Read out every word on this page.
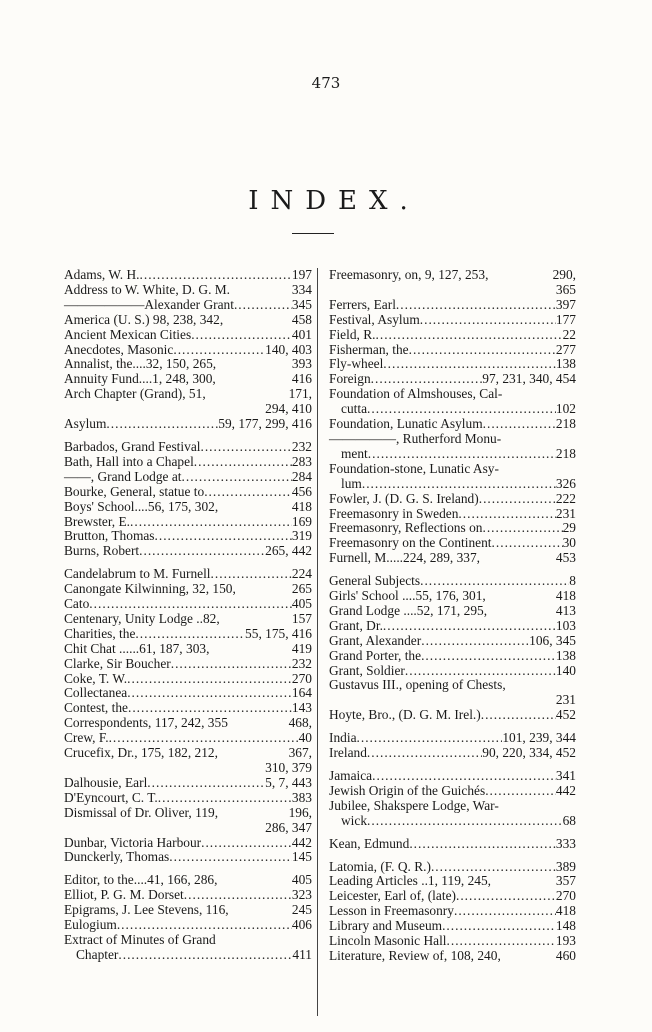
473
INDEX.
Adams, W. H. .....	197
Address to W. White, D. G. M.	334
——————Alexander Grant .....	345
America (U. S.) 98, 238, 342,	458
Ancient Mexican Cities .....	401
Anecdotes, Masonic .....	140, 403
Annalist, the....32, 150, 265,	393
Annuity Fund....1, 248, 300,	416
Arch Chapter (Grand), 51,	171,
294, 410
Asylum .....	59, 177, 299, 416
Barbados, Grand Festival .....	232
Bath, Hall into a Chapel .....	283
——, Grand Lodge at .....	284
Bourke, General, statue to .....	456
Boys' School....56, 175, 302,	418
Brewster, E. .....	169
Brutton, Thomas .....	319
Burns, Robert .....	265, 442
Candelabrum to M. Furnell .....	224
Canongate Kilwinning, 32, 150,	265
Cato .....	405
Centenary, Unity Lodge ..82,	157
Charities, the .....	55, 175, 416
Chit Chat ......61, 187, 303,	419
Clarke, Sir Boucher .....	232
Coke, T. W. .....	270
Collectanea .....	164
Contest, the .....	143
Correspondents, 117, 242, 355	468,
Crew, F. .....	40
Crucefix, Dr., 175, 182, 212,	367,
310, 379
Dalhousie, Earl .....	5, 7, 443
D'Eyncourt, C. T. .....	383
Dismissal of Dr. Oliver, 119,	196,
286, 347
Dunbar, Victoria Harbour .....	442
Dunckerly, Thomas .....	145
Editor, to the....41, 166, 286,	405
Elliot, P. G. M. Dorset .....	323
Epigrams, J. Lee Stevens, 116,	245
Eulogium .....	406
Extract of Minutes of Grand
Chapter .....	411
Freemasonry, on, 9, 127, 253,	290,
365
Ferrers, Earl .....	397
Festival, Asylum .....	177
Field, R. .....	22
Fisherman, the .....	277
Fly-wheel .....	138
Foreign .....	97, 231, 340, 454
Foundation of Almshouses, Cal-
cutta .....	102
Foundation, Lunatic Asylum .....	218
—————, Rutherford Monu-
ment .....	218
Foundation-stone, Lunatic Asy-
lum .....	326
Fowler, J. (D. G. S. Ireland) .....	222
Freemasonry in Sweden .....	231
Freemasonry, Reflections on .....	29
Freemasonry on the Continent .....	30
Furnell, M.....224, 289, 337,	453
General Subjects .....	8
Girls' School ....55, 176, 301,	418
Grand Lodge ....52, 171, 295,	413
Grant, Dr. .....	103
Grant, Alexander .....	106, 345
Grand Porter, the .....	138
Grant, Soldier .....	140
Gustavus III., opening of Chests,
231
Hoyte, Bro., (D. G. M. Irel.) .....	452
India .....	101, 239, 344
Ireland .....	90, 220, 334, 452
Jamaica .....	341
Jewish Origin of the Guichés .....	442
Jubilee, Shakspere Lodge, War-
wick .....	68
Kean, Edmund .....	333
Latomia, (F. Q. R.) .....	389
Leading Articles ..1, 119, 245,	357
Leicester, Earl of, (late) .....	270
Lesson in Freemasonry .....	418
Library and Museum .....	148
Lincoln Masonic Hall .....	193
Literature, Review of, 108, 240,	460
